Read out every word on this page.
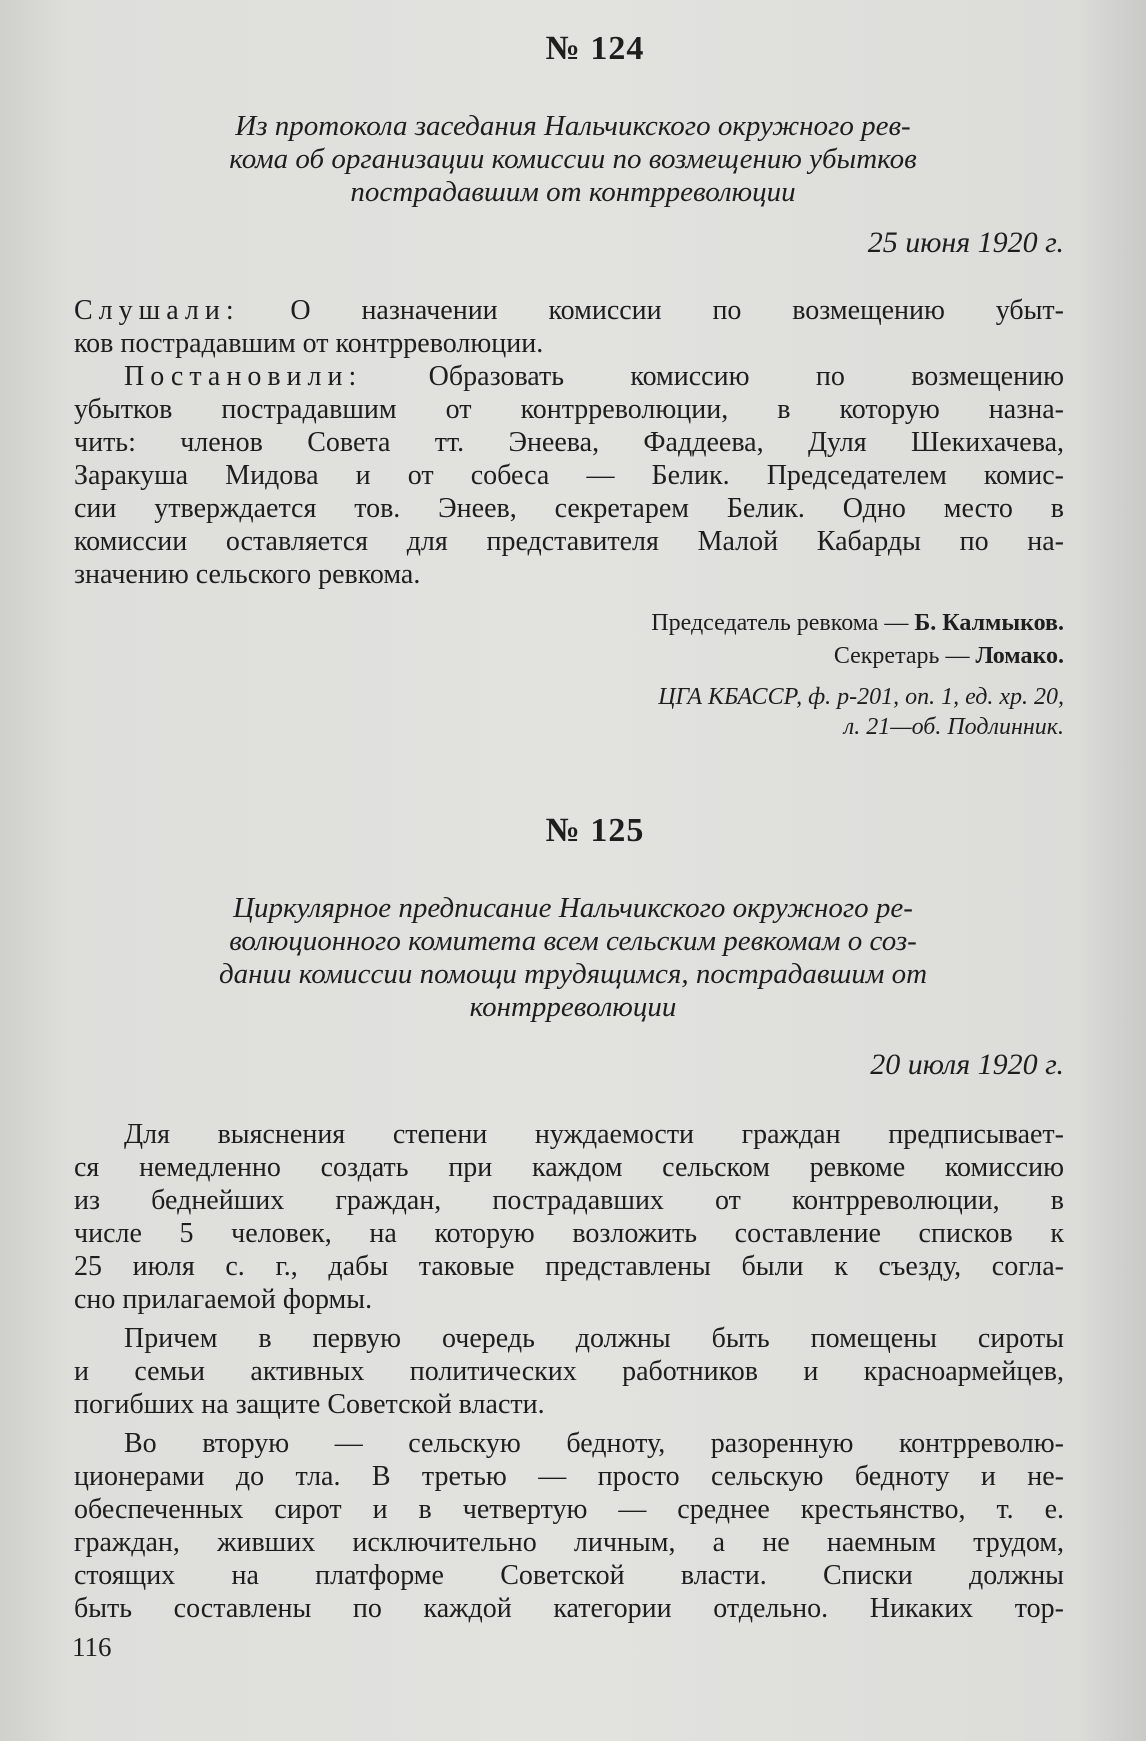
№ 124
Из протокола заседания Нальчикского окружного рев-
кома об организации комиссии по возмещению убытков
пострадавшим от контрреволюции
25 июня 1920 г.
Слушали: О назначении комиссии по возмещению убыт-
ков пострадавшим от контрреволюции.
Постановили: Образовать комиссию по возмещению
убытков пострадавшим от контрреволюции, в которую назна-
чить: членов Совета тт. Энеева, Фаддеева, Дуля Шекихачева,
Заракуша Мидова и от собеса — Белик. Председателем комис-
сии утверждается тов. Энеев, секретарем Белик. Одно место в
комиссии оставляется для представителя Малой Кабарды по на-
значению сельского ревкома.
Председатель ревкома — Б. Калмыков.
Секретарь — Ломако.
ЦГА КБАССР, ф. р-201, оп. 1, ед. хр. 20,
л. 21—об. Подлинник.
№ 125
Циркулярное предписание Нальчикского окружного ре-
волюционного комитета всем сельским ревкомам о соз-
дании комиссии помощи трудящимся, пострадавшим от
контрреволюции
20 июля 1920 г.
Для выяснения степени нуждаемости граждан предписывает-
ся немедленно создать при каждом сельском ревкоме комиссию
из беднейших граждан, пострадавших от контрреволюции, в
числе 5 человек, на которую возложить составление списков к
25 июля с. г., дабы таковые представлены были к съезду, согла-
сно прилагаемой формы.
Причем в первую очередь должны быть помещены сироты
и семьи активных политических работников и красноармейцев,
погибших на защите Советской власти.
Во вторую — сельскую бедноту, разоренную контрреволю-
ционерами до тла. В третью — просто сельскую бедноту и не-
обеспеченных сирот и в четвертую — среднее крестьянство, т. е.
граждан, живших исключительно личным, а не наемным трудом,
стоящих на платформе Советской власти. Списки должны
быть составлены по каждой категории отдельно. Никаких тор-
116
